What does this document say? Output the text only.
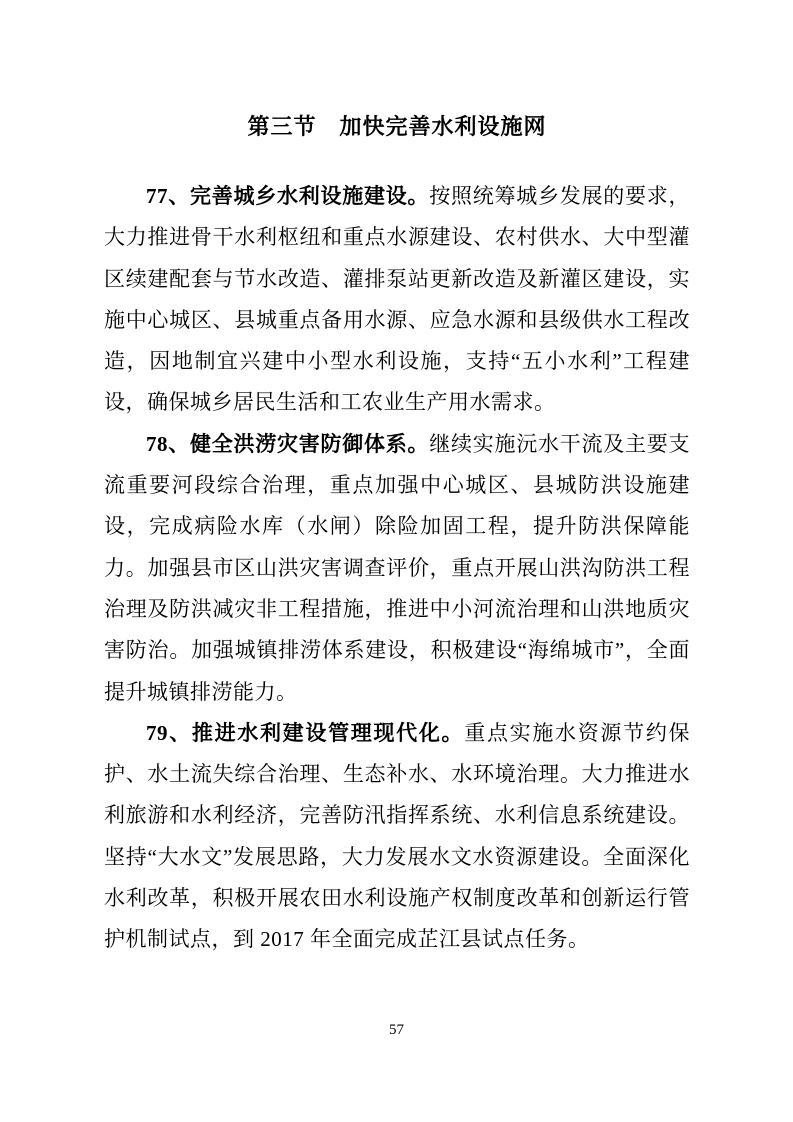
第三节　加快完善水利设施网

77、完善城乡水利设施建设。按照统筹城乡发展的要求，大力推进骨干水利枢纽和重点水源建设、农村供水、大中型灌区续建配套与节水改造、灌排泵站更新改造及新灌区建设，实施中心城区、县城重点备用水源、应急水源和县级供水工程改造，因地制宜兴建中小型水利设施，支持“五小水利”工程建设，确保城乡居民生活和工农业生产用水需求。

78、健全洪涝灾害防御体系。继续实施沅水干流及主要支流重要河段综合治理，重点加强中心城区、县城防洪设施建设，完成病险水库（水闸）除险加固工程，提升防洪保障能力。加强县市区山洪灾害调查评价，重点开展山洪沟防洪工程治理及防洪减灾非工程措施，推进中小河流治理和山洪地质灾害防治。加强城镇排涝体系建设，积极建设“海绵城市”，全面提升城镇排涝能力。

79、推进水利建设管理现代化。重点实施水资源节约保护、水土流失综合治理、生态补水、水环境治理。大力推进水利旅游和水利经济，完善防汛指挥系统、水利信息系统建设。坚持“大水文”发展思路，大力发展水文水资源建设。全面深化水利改革，积极开展农田水利设施产权制度改革和创新运行管护机制试点，到 2017 年全面完成芷江县试点任务。

57
